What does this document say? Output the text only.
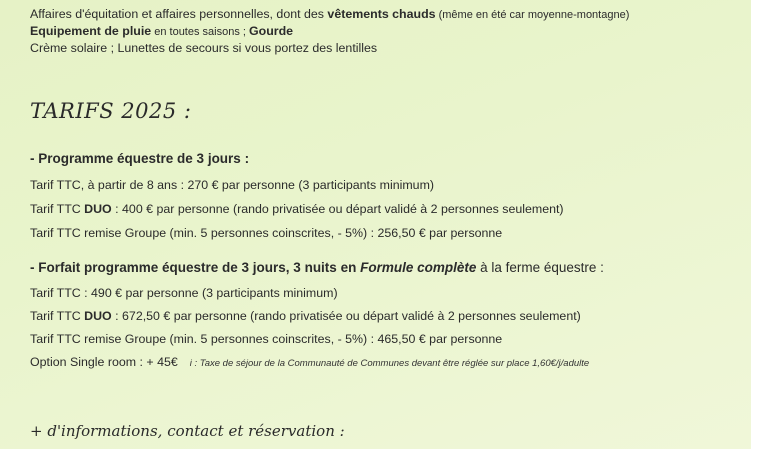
Affaires d'équitation et affaires personnelles, dont des vêtements chauds (même en été car moyenne-montagne)
Equipement de pluie en toutes saisons ; Gourde
Crème solaire ; Lunettes de secours si vous portez des lentilles
TARIFS 2025 :
- Programme équestre de 3 jours :
Tarif TTC, à partir de 8 ans : 270 € par personne (3 participants minimum)
Tarif TTC DUO : 400 € par personne (rando privatisée ou départ validé à 2 personnes seulement)
Tarif TTC remise Groupe (min. 5 personnes coinscrites, - 5%) : 256,50 € par personne
- Forfait programme équestre de 3 jours, 3 nuits en Formule complète à la ferme équestre :
Tarif TTC : 490 € par personne (3 participants minimum)
Tarif TTC DUO : 672,50 € par personne (rando privatisée ou départ validé à 2 personnes seulement)
Tarif TTC remise Groupe (min. 5 personnes coinscrites, - 5%) : 465,50 € par personne
Option Single room : + 45€ i : Taxe de séjour de la Communauté de Communes devant être réglée sur place 1,60€/j/adulte
+ d'informations, contact et réservation :
